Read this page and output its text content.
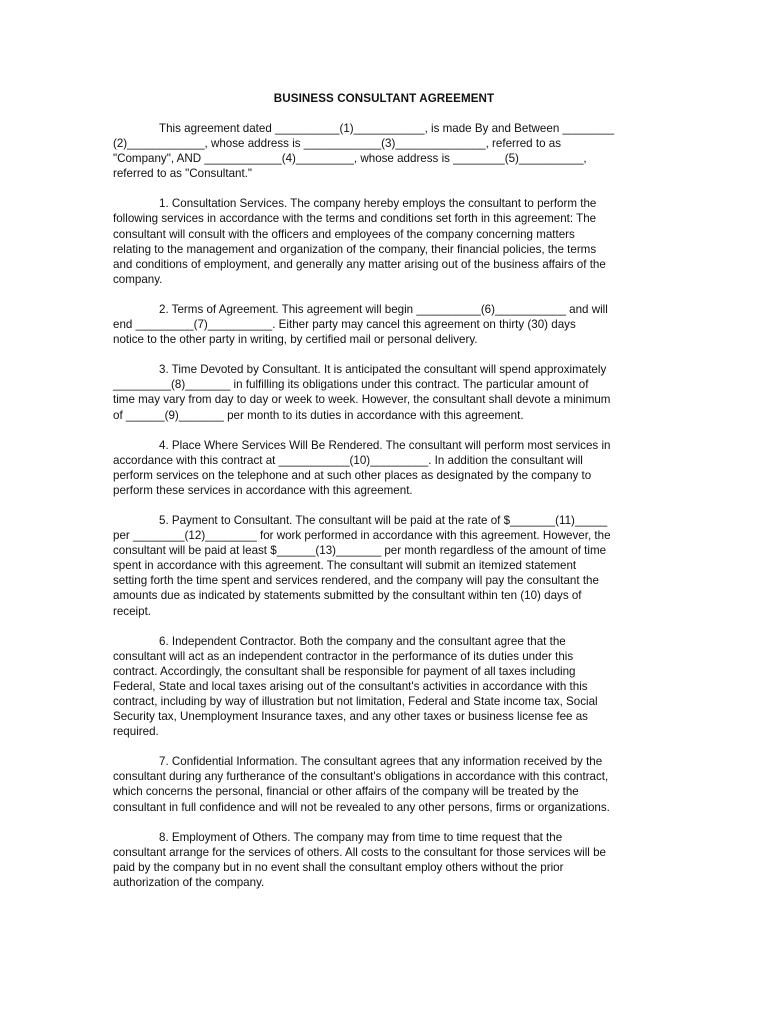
BUSINESS CONSULTANT AGREEMENT

This agreement dated __________(1)___________, is made By and Between ________
(2)____________, whose address is ____________(3)______________, referred to as
"Company", AND ____________(4)_________, whose address is ________(5)__________,
referred to as "Consultant."

1. Consultation Services. The company hereby employs the consultant to perform the
following services in accordance with the terms and conditions set forth in this agreement: The
consultant will consult with the officers and employees of the company concerning matters
relating to the management and organization of the company, their financial policies, the terms
and conditions of employment, and generally any matter arising out of the business affairs of the
company.

2. Terms of Agreement. This agreement will begin __________(6)___________ and will
end _________(7)__________. Either party may cancel this agreement on thirty (30) days
notice to the other party in writing, by certified mail or personal delivery.

3. Time Devoted by Consultant. It is anticipated the consultant will spend approximately
_________(8)_______ in fulfilling its obligations under this contract. The particular amount of
time may vary from day to day or week to week. However, the consultant shall devote a minimum
of ______(9)_______ per month to its duties in accordance with this agreement.

4. Place Where Services Will Be Rendered. The consultant will perform most services in
accordance with this contract at ___________(10)_________. In addition the consultant will
perform services on the telephone and at such other places as designated by the company to
perform these services in accordance with this agreement.

5. Payment to Consultant. The consultant will be paid at the rate of $_______(11)_____
per ________(12)________ for work performed in accordance with this agreement. However, the
consultant will be paid at least $______(13)_______ per month regardless of the amount of time
spent in accordance with this agreement. The consultant will submit an itemized statement
setting forth the time spent and services rendered, and the company will pay the consultant the
amounts due as indicated by statements submitted by the consultant within ten (10) days of
receipt.

6. Independent Contractor. Both the company and the consultant agree that the
consultant will act as an independent contractor in the performance of its duties under this
contract. Accordingly, the consultant shall be responsible for payment of all taxes including
Federal, State and local taxes arising out of the consultant's activities in accordance with this
contract, including by way of illustration but not limitation, Federal and State income tax, Social
Security tax, Unemployment Insurance taxes, and any other taxes or business license fee as
required.

7. Confidential Information. The consultant agrees that any information received by the
consultant during any furtherance of the consultant's obligations in accordance with this contract,
which concerns the personal, financial or other affairs of the company will be treated by the
consultant in full confidence and will not be revealed to any other persons, firms or organizations.

8. Employment of Others. The company may from time to time request that the
consultant arrange for the services of others. All costs to the consultant for those services will be
paid by the company but in no event shall the consultant employ others without the prior
authorization of the company.
